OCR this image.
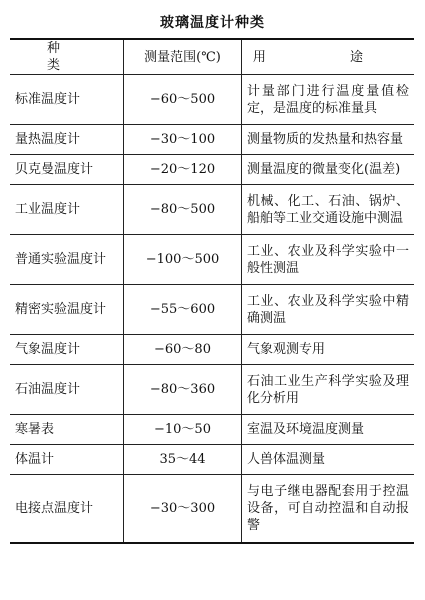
玻璃温度计种类
种 类	测量范围(℃)	用 途
标准温度计	−60～500	计量部门进行温度量值检定，是温度的标准量具
量热温度计	−30～100	测量物质的发热量和热容量
贝克曼温度计	−20～120	测量温度的微量变化(温差)
工业温度计	−80～500	机械、化工、石油、锅炉、船舶等工业交通设施中测温
普通实验温度计	−100～500	工业、农业及科学实验中一般性测温
精密实验温度计	−55～600	工业、农业及科学实验中精确测温
气象温度计	−60～80	气象观测专用
石油温度计	−80～360	石油工业生产科学实验及理化分析用
寒暑表	−10～50	室温及环境温度测量
体温计	35～44	人兽体温测量
电接点温度计	−30～300	与电子继电器配套用于控温设备，可自动控温和自动报警
